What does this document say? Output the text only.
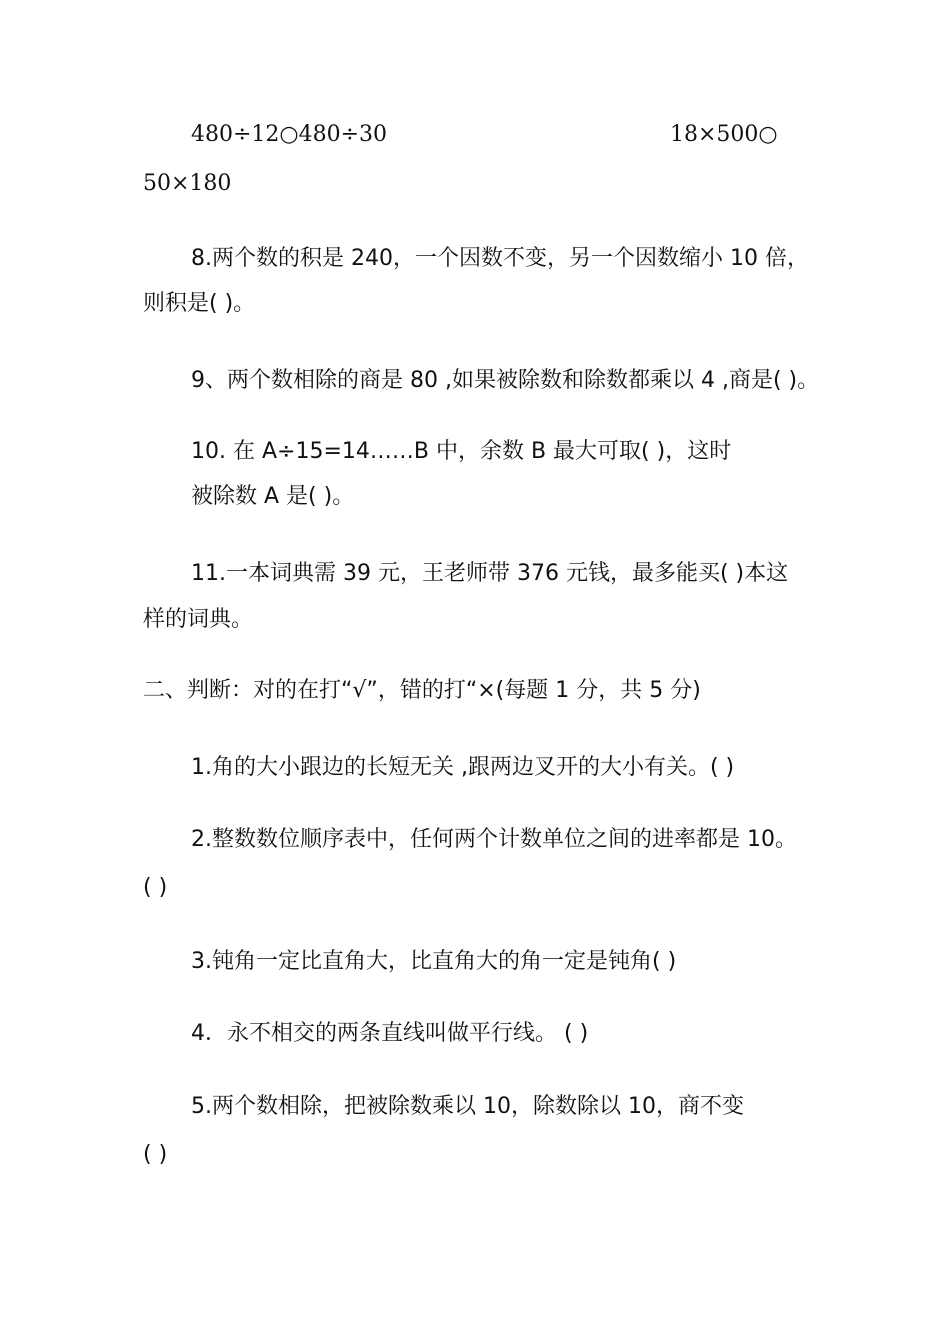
480÷12○480÷30	18×500○
50×180
8.两个数的积是 240，一个因数不变，另一个因数缩小 10 倍，
则积是( )。
9、两个数相除的商是 80 ,如果被除数和除数都乘以 4 ,商是( )。
10. 在 A÷15=14……B 中，余数 B 最大可取( )，这时
被除数 A 是( )。
11.一本词典需 39 元，王老师带 376 元钱，最多能买( )本这
样的词典。
二、判断：对的在打“√”，错的打“×(每题 1 分，共 5 分)
1.角的大小跟边的长短无关 ,跟两边叉开的大小有关。( )
2.整数数位顺序表中，任何两个计数单位之间的进率都是 10。
( )
3.钝角一定比直角大，比直角大的角一定是钝角( )
4．永不相交的两条直线叫做平行线。 ( )
5.两个数相除，把被除数乘以 10，除数除以 10，商不变
( )
